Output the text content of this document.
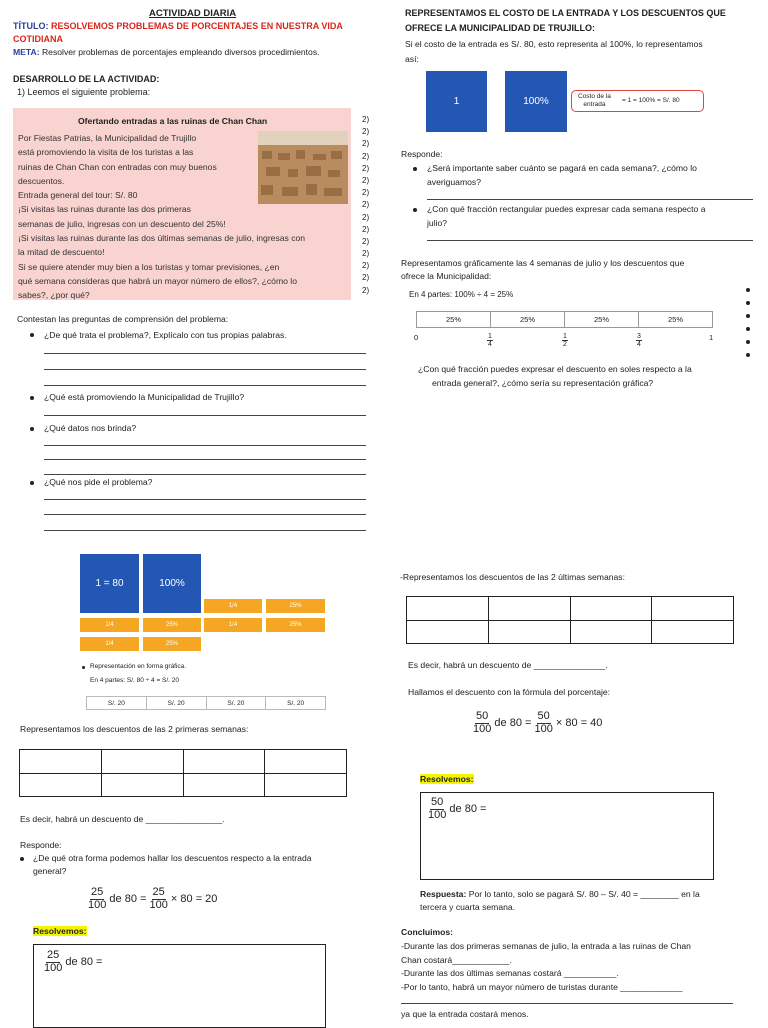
ACTIVIDAD DIARIA
TÍTULO: RESOLVEMOS PROBLEMAS DE PORCENTAJES EN NUESTRA VIDA
COTIDIANA
META: Resolver problemas de porcentajes empleando diversos procedimientos.
DESARROLLO DE LA ACTIVIDAD:
1) Leemos el siguiente problema:
Ofertando entradas a las ruinas de Chan Chan
Por Fiestas Patrias, la Municipalidad de Trujillo
está promoviendo la visita de los turistas a las
ruinas de Chan Chan con entradas con muy buenos
descuentos.
Entrada general del tour: S/. 80
¡Si visitas las ruinas durante las dos primeras
semanas de julio, ingresas con un descuento del 25%!
¡Si visitas las ruinas durante las dos últimas semanas de julio, ingresas con
la mitad de descuento!
Si se quiere atender muy bien a los turistas y tomar previsiones, ¿en
qué semana consideras que habrá un mayor número de ellos?, ¿cómo lo
sabes?, ¿por qué?
2)
2)
2)
2)
2)
2)
2)
2)
2)
2)
2)
2)
2)
2)
2)
Contestan las preguntas de comprensión del problema:
¿De qué trata el problema?, Explícalo con tus propias palabras.
¿Qué está promoviendo la Municipalidad de Trujillo?
¿Qué datos nos brinda?
¿Qué nos pide el problema?
1 = 80	100%
1/4	25%
1/4	25%	1/4	25%
1/4	25%
Representación en forma gráfica.
En 4 partes: S/. 80 ÷ 4 = S/. 20
S/. 20	S/. 20	S/. 20	S/. 20
Representamos los descuentos de las 2 primeras semanas:

Es decir, habrá un descuento de ________________.
Responde:
¿De qué otra forma podemos hallar los descuentos respecto a la entrada
general?
$\frac{25}{100}$ de $80 = \frac{25}{100} \times 80 = 20$
Resolvemos:
$\frac{25}{100}$ de 80 =
REPRESENTAMOS EL COSTO DE LA ENTRADA Y LOS DESCUENTOS QUE
OFRECE LA MUNICIPALIDAD DE TRUJILLO:
Si el costo de la entrada es S/. 80, esto representa al 100%, lo representamos
así:
1	100%	Costo de la
entrada
= 1 = 100% = S/. 80
Responde:
¿Será importante saber cuánto se pagará en cada semana?, ¿cómo lo
averiguamos?
¿Con qué fracción rectangular puedes expresar cada semana respecto a
julio?
Representamos gráficamente las 4 semanas de julio y los descuentos que
ofrece la Municipalidad:
En 4 partes: 100% ÷ 4 = 25%
25%	25%	25%	25%
0	$\frac{1}{4}$	$\frac{1}{2}$	$\frac{3}{4}$	1
¿Con qué fracción puedes expresar el descuento en soles respecto a la
entrada general?, ¿cómo sería su representación gráfica?
-Representamos los descuentos de las 2 últimas semanas:

Es decir, habrá un descuento de _______________.
Hallamos el descuento con la fórmula del porcentaje:
$\frac{50}{100}$ de $80 = \frac{50}{100} \times 80 = 40$
Resolvemos:
$\frac{50}{100}$ de 80 =
Respuesta: Por lo tanto, solo se pagará S/. 80 – S/. 40 = ________ en la
tercera y cuarta semana.
Concluimos:
-Durante las dos primeras semanas de julio, la entrada a las ruinas de Chan
Chan costará____________.
-Durante las dos últimas semanas costará ___________.
-Por lo tanto, habrá un mayor número de turistas durante _____________
ya que la entrada costará menos.
